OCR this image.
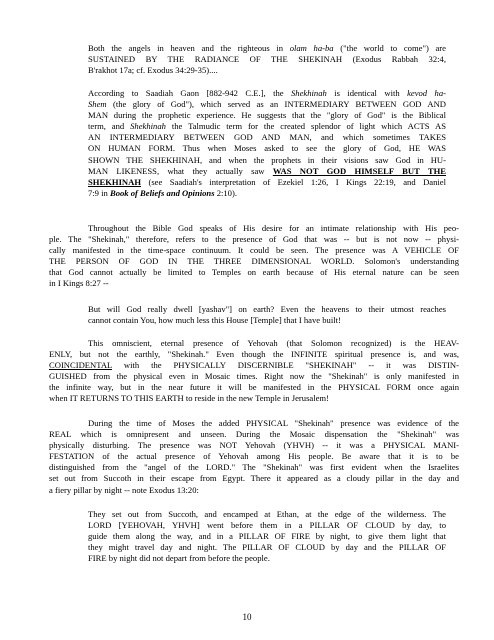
Both the angels in heaven and the righteous in olam ha-ba ("the world to come") are
SUSTAINED BY THE RADIANCE OF THE SHEKINAH (Exodus Rabbah 32:4,
B'rakhot 17a; cf. Exodus 34:29-35)....
According to Saadiah Gaon [882-942 C.E.], the Shekhinah is identical with kevod ha-
Shem (the glory of God"), which served as an INTERMEDIARY BETWEEN GOD AND
MAN during the prophetic experience. He suggests that the "glory of God" is the Biblical
term, and Shekhinah the Talmudic term for the created splendor of light which ACTS AS
AN INTERMEDIARY BETWEEN GOD AND MAN, and which sometimes TAKES
ON HUMAN FORM. Thus when Moses asked to see the glory of God, HE WAS
SHOWN THE SHEKHINAH, and when the prophets in their visions saw God in HU-
MAN LIKENESS, what they actually saw WAS NOT GOD HIMSELF BUT THE
SHEKHINAH (see Saadiah's interpretation of Ezekiel 1:26, I Kings 22:19, and Daniel
7:9 in Book of Beliefs and Opinions 2:10).
Throughout the Bible God speaks of His desire for an intimate relationship with His peo-
ple. The "Shekinah," therefore, refers to the presence of God that was -- but is not now -- physi-
cally manifested in the time-space continuum. It could be seen. The presence was A VEHICLE OF
THE PERSON OF GOD IN THE THREE DIMENSIONAL WORLD. Solomon's understanding
that God cannot actually be limited to Temples on earth because of His eternal nature can be seen
in I Kings 8:27 --
But will God really dwell [yashav"] on earth? Even the heavens to their utmost reaches
cannot contain You, how much less this House [Temple] that I have built!
This omniscient, eternal presence of Yehovah (that Solomon recognized) is the HEAV-
ENLY, but not the earthly, "Shekinah." Even though the INFINITE spiritual presence is, and was,
COINCIDENTAL with the PHYSICALLY DISCERNIBLE "SHEKINAH" -- it was DISTIN-
GUISHED from the physical even in Mosaic times. Right now the "Shekinah" is only manifested in
the infinite way, but in the near future it will be manifested in the PHYSICAL FORM once again
when IT RETURNS TO THIS EARTH to reside in the new Temple in Jerusalem!
During the time of Moses the added PHYSICAL "Shekinah" presence was evidence of the
REAL which is omnipresent and unseen. During the Mosaic dispensation the "Shekinah" was
physically disturbing. The presence was NOT Yehovah (YHVH) -- it was a PHYSICAL MANI-
FESTATION of the actual presence of Yehovah among His people. Be aware that it is to be
distinguished from the "angel of the LORD." The "Shekinah" was first evident when the Israelites
set out from Succoth in their escape from Egypt. There it appeared as a cloudy pillar in the day and
a fiery pillar by night -- note Exodus 13:20:
They set out from Succoth, and encamped at Ethan, at the edge of the wilderness. The
LORD [YEHOVAH, YHVH] went before them in a PILLAR OF CLOUD by day, to
guide them along the way, and in a PILLAR OF FIRE by night, to give them light that
they might travel day and night. The PILLAR OF CLOUD by day and the PILLAR OF
FIRE by night did not depart from before the people.
10
